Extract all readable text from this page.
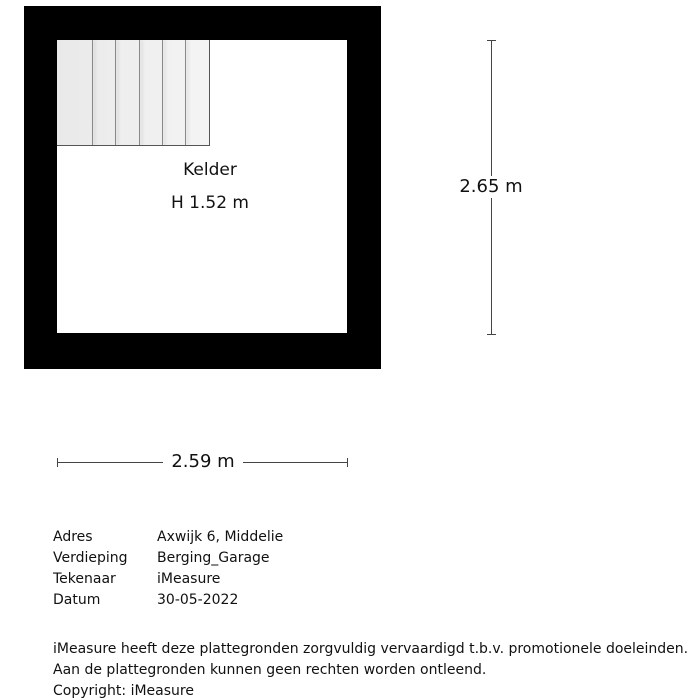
Kelder
H 1.52 m
2.65 m
2.59 m
Adres	Axwijk 6, Middelie
Verdieping Berging_Garage
Tekenaar	iMeasure
Datum	30-05-2022
iMeasure heeft deze plattegronden zorgvuldig vervaardigd t.b.v. promotionele doeleinden.
Aan de plattegronden kunnen geen rechten worden ontleend.
Copyright: iMeasure
